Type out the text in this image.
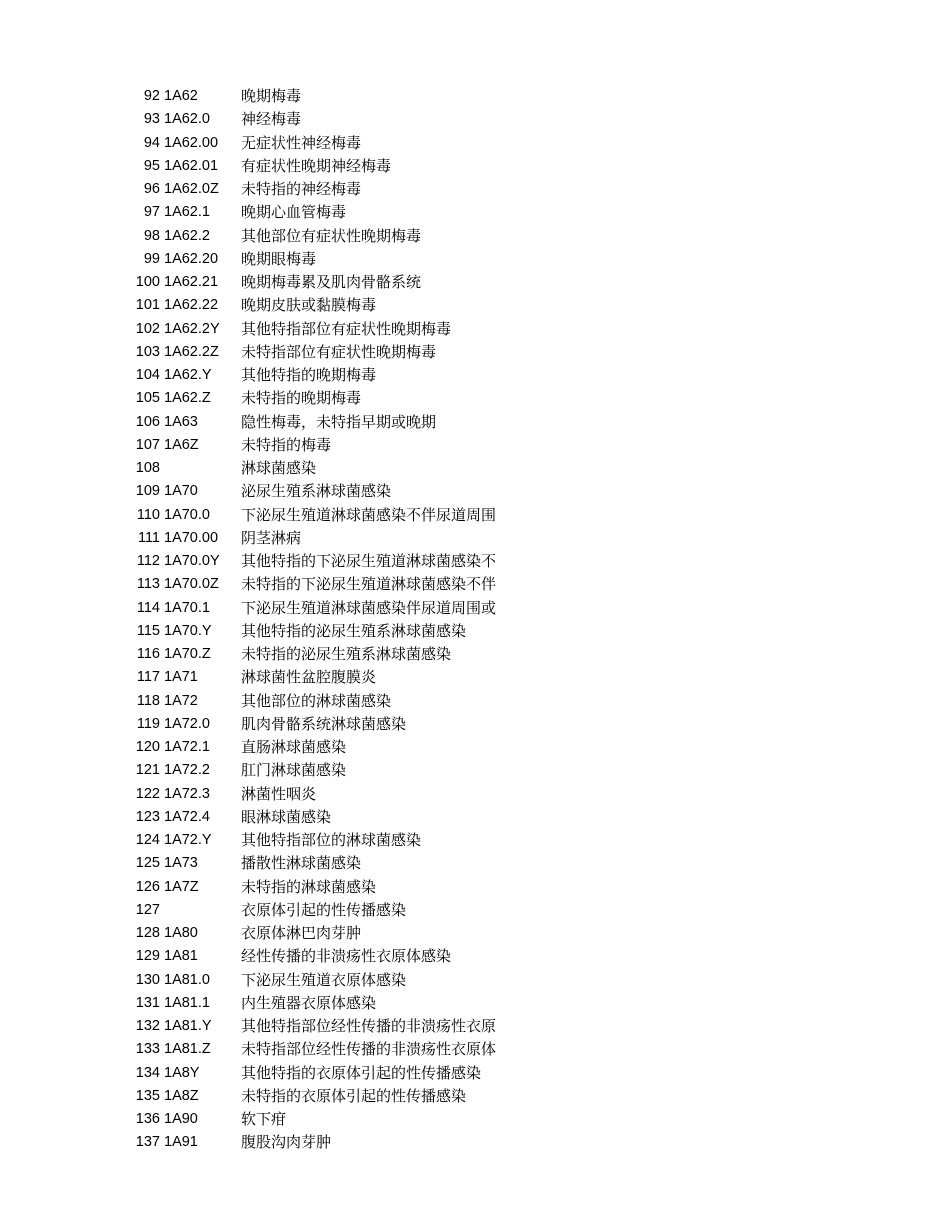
92 1A62	晚期梅毒
93 1A62.0 神经梅毒
94 1A62.00 无症状性神经梅毒
95 1A62.01 有症状性晚期神经梅毒
96 1A62.0Z 未特指的神经梅毒
97 1A62.1 晚期心血管梅毒
98 1A62.2 其他部位有症状性晚期梅毒
99 1A62.20 晚期眼梅毒
100 1A62.21 晚期梅毒累及肌肉骨骼系统
101 1A62.22 晚期皮肤或黏膜梅毒
102 1A62.2Y 其他特指部位有症状性晚期梅毒
103 1A62.2Z 未特指部位有症状性晚期梅毒
104 1A62.Y 其他特指的晚期梅毒
105 1A62.Z 未特指的晚期梅毒
106 1A63	隐性梅毒，未特指早期或晚期
107 1A6Z	未特指的梅毒
108	淋球菌感染
109 1A70	泌尿生殖系淋球菌感染
110 1A70.0 下泌尿生殖道淋球菌感染不伴尿道周围
111 1A70.00 阴茎淋病
112 1A70.0Y 其他特指的下泌尿生殖道淋球菌感染不
113 1A70.0Z 未特指的下泌尿生殖道淋球菌感染不伴
114 1A70.1 下泌尿生殖道淋球菌感染伴尿道周围或
115 1A70.Y 其他特指的泌尿生殖系淋球菌感染
116 1A70.Z 未特指的泌尿生殖系淋球菌感染
117 1A71	淋球菌性盆腔腹膜炎
118 1A72	其他部位的淋球菌感染
119 1A72.0 肌肉骨骼系统淋球菌感染
120 1A72.1 直肠淋球菌感染
121 1A72.2 肛门淋球菌感染
122 1A72.3 淋菌性咽炎
123 1A72.4 眼淋球菌感染
124 1A72.Y 其他特指部位的淋球菌感染
125 1A73	播散性淋球菌感染
126 1A7Z	未特指的淋球菌感染
127	衣原体引起的性传播感染
128 1A80	衣原体淋巴肉芽肿
129 1A81	经性传播的非溃疡性衣原体感染
130 1A81.0 下泌尿生殖道衣原体感染
131 1A81.1 内生殖器衣原体感染
132 1A81.Y 其他特指部位经性传播的非溃疡性衣原
133 1A81.Z 未特指部位经性传播的非溃疡性衣原体
134 1A8Y	其他特指的衣原体引起的性传播感染
135 1A8Z	未特指的衣原体引起的性传播感染
136 1A90	软下疳
137 1A91	腹股沟肉芽肿
